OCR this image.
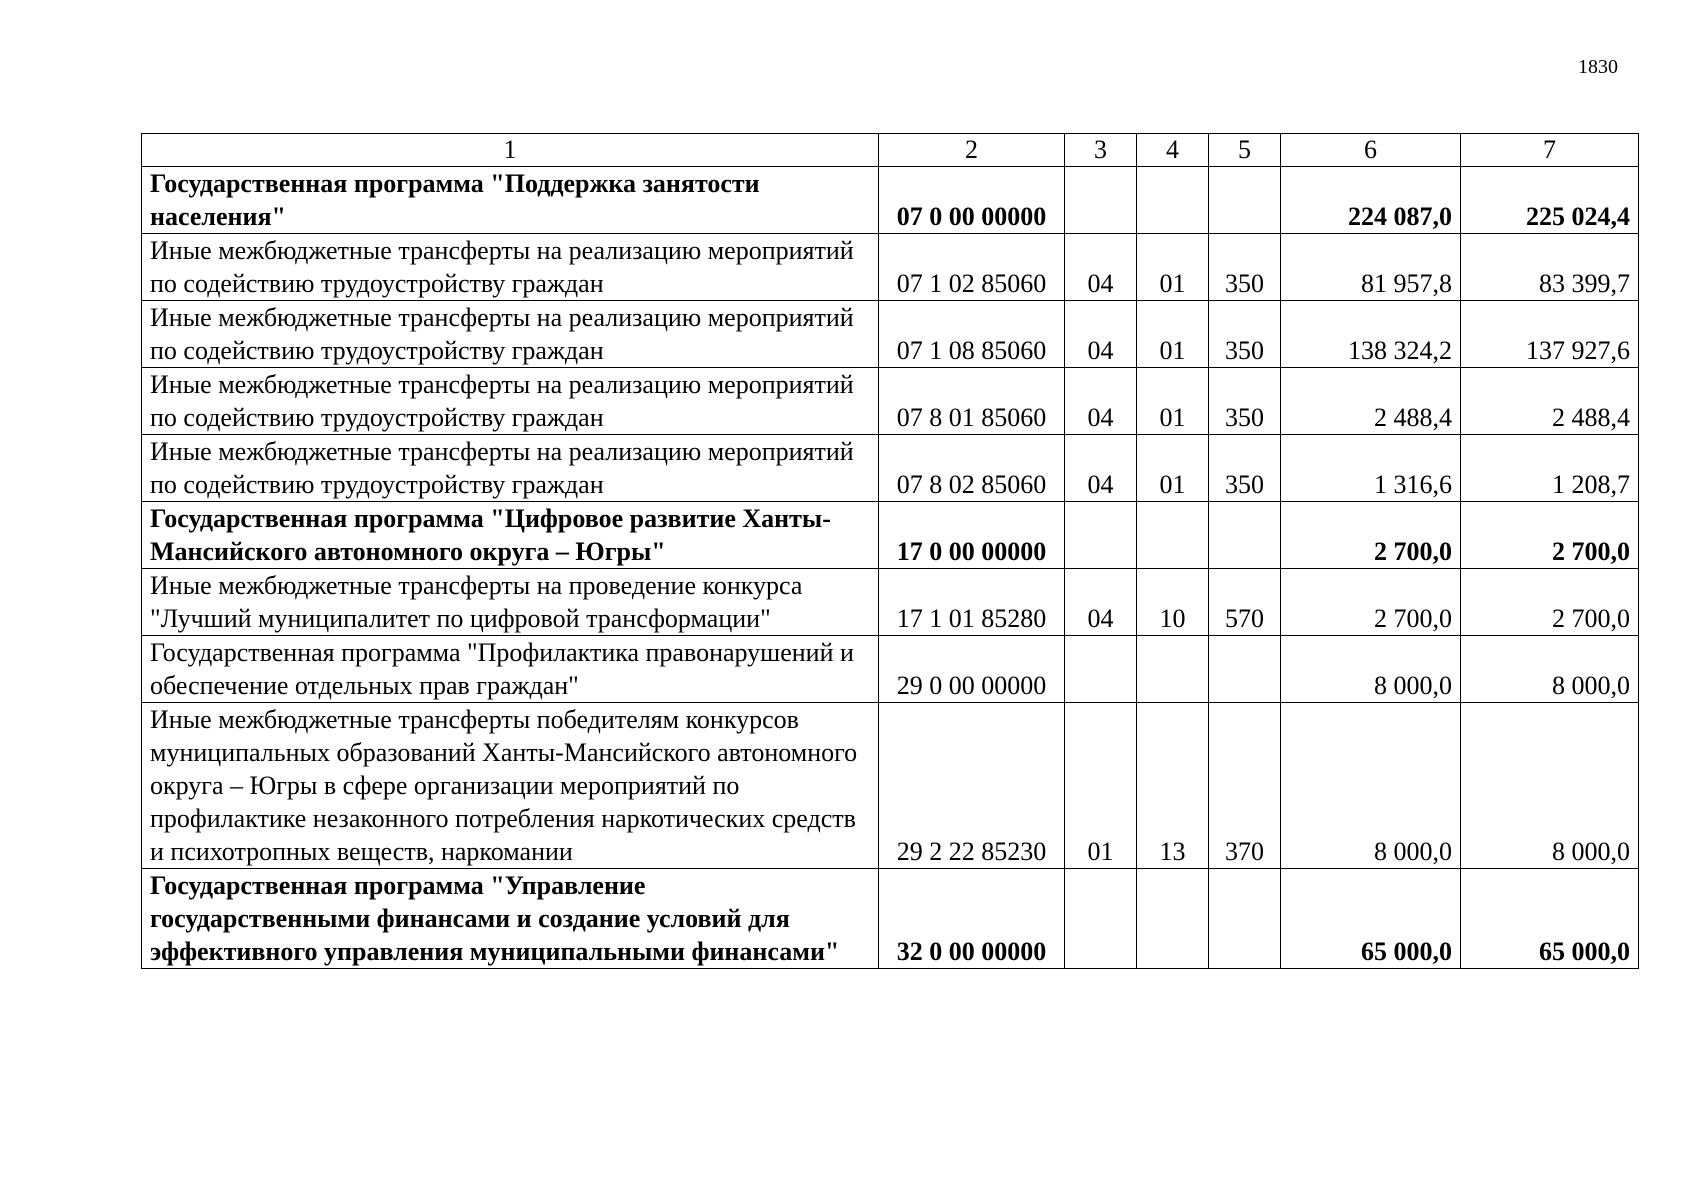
1830
1	2	3	4	5	6	7
Государственная программа "Поддержка занятости населения"	07 0 00 00000				224 087,0	225 024,4
Иные межбюджетные трансферты на реализацию мероприятий по содействию трудоустройству граждан	07 1 02 85060	04	01	350	81 957,8	83 399,7
Иные межбюджетные трансферты на реализацию мероприятий по содействию трудоустройству граждан	07 1 08 85060	04	01	350	138 324,2	137 927,6
Иные межбюджетные трансферты на реализацию мероприятий по содействию трудоустройству граждан	07 8 01 85060	04	01	350	2 488,4	2 488,4
Иные межбюджетные трансферты на реализацию мероприятий по содействию трудоустройству граждан	07 8 02 85060	04	01	350	1 316,6	1 208,7
Государственная программа "Цифровое развитие Ханты-Мансийского автономного округа – Югры"	17 0 00 00000				2 700,0	2 700,0
Иные межбюджетные трансферты на проведение конкурса "Лучший муниципалитет по цифровой трансформации"	17 1 01 85280	04	10	570	2 700,0	2 700,0
Государственная программа "Профилактика правонарушений и обеспечение отдельных прав граждан"	29 0 00 00000				8 000,0	8 000,0
Иные межбюджетные трансферты победителям конкурсов муниципальных образований Ханты-Мансийского автономного округа – Югры в сфере организации мероприятий по профилактике незаконного потребления наркотических средств и психотропных веществ, наркомании	29 2 22 85230	01	13	370	8 000,0	8 000,0
Государственная программа "Управление государственными финансами и создание условий для эффективного управления муниципальными финансами"	32 0 00 00000				65 000,0	65 000,0
